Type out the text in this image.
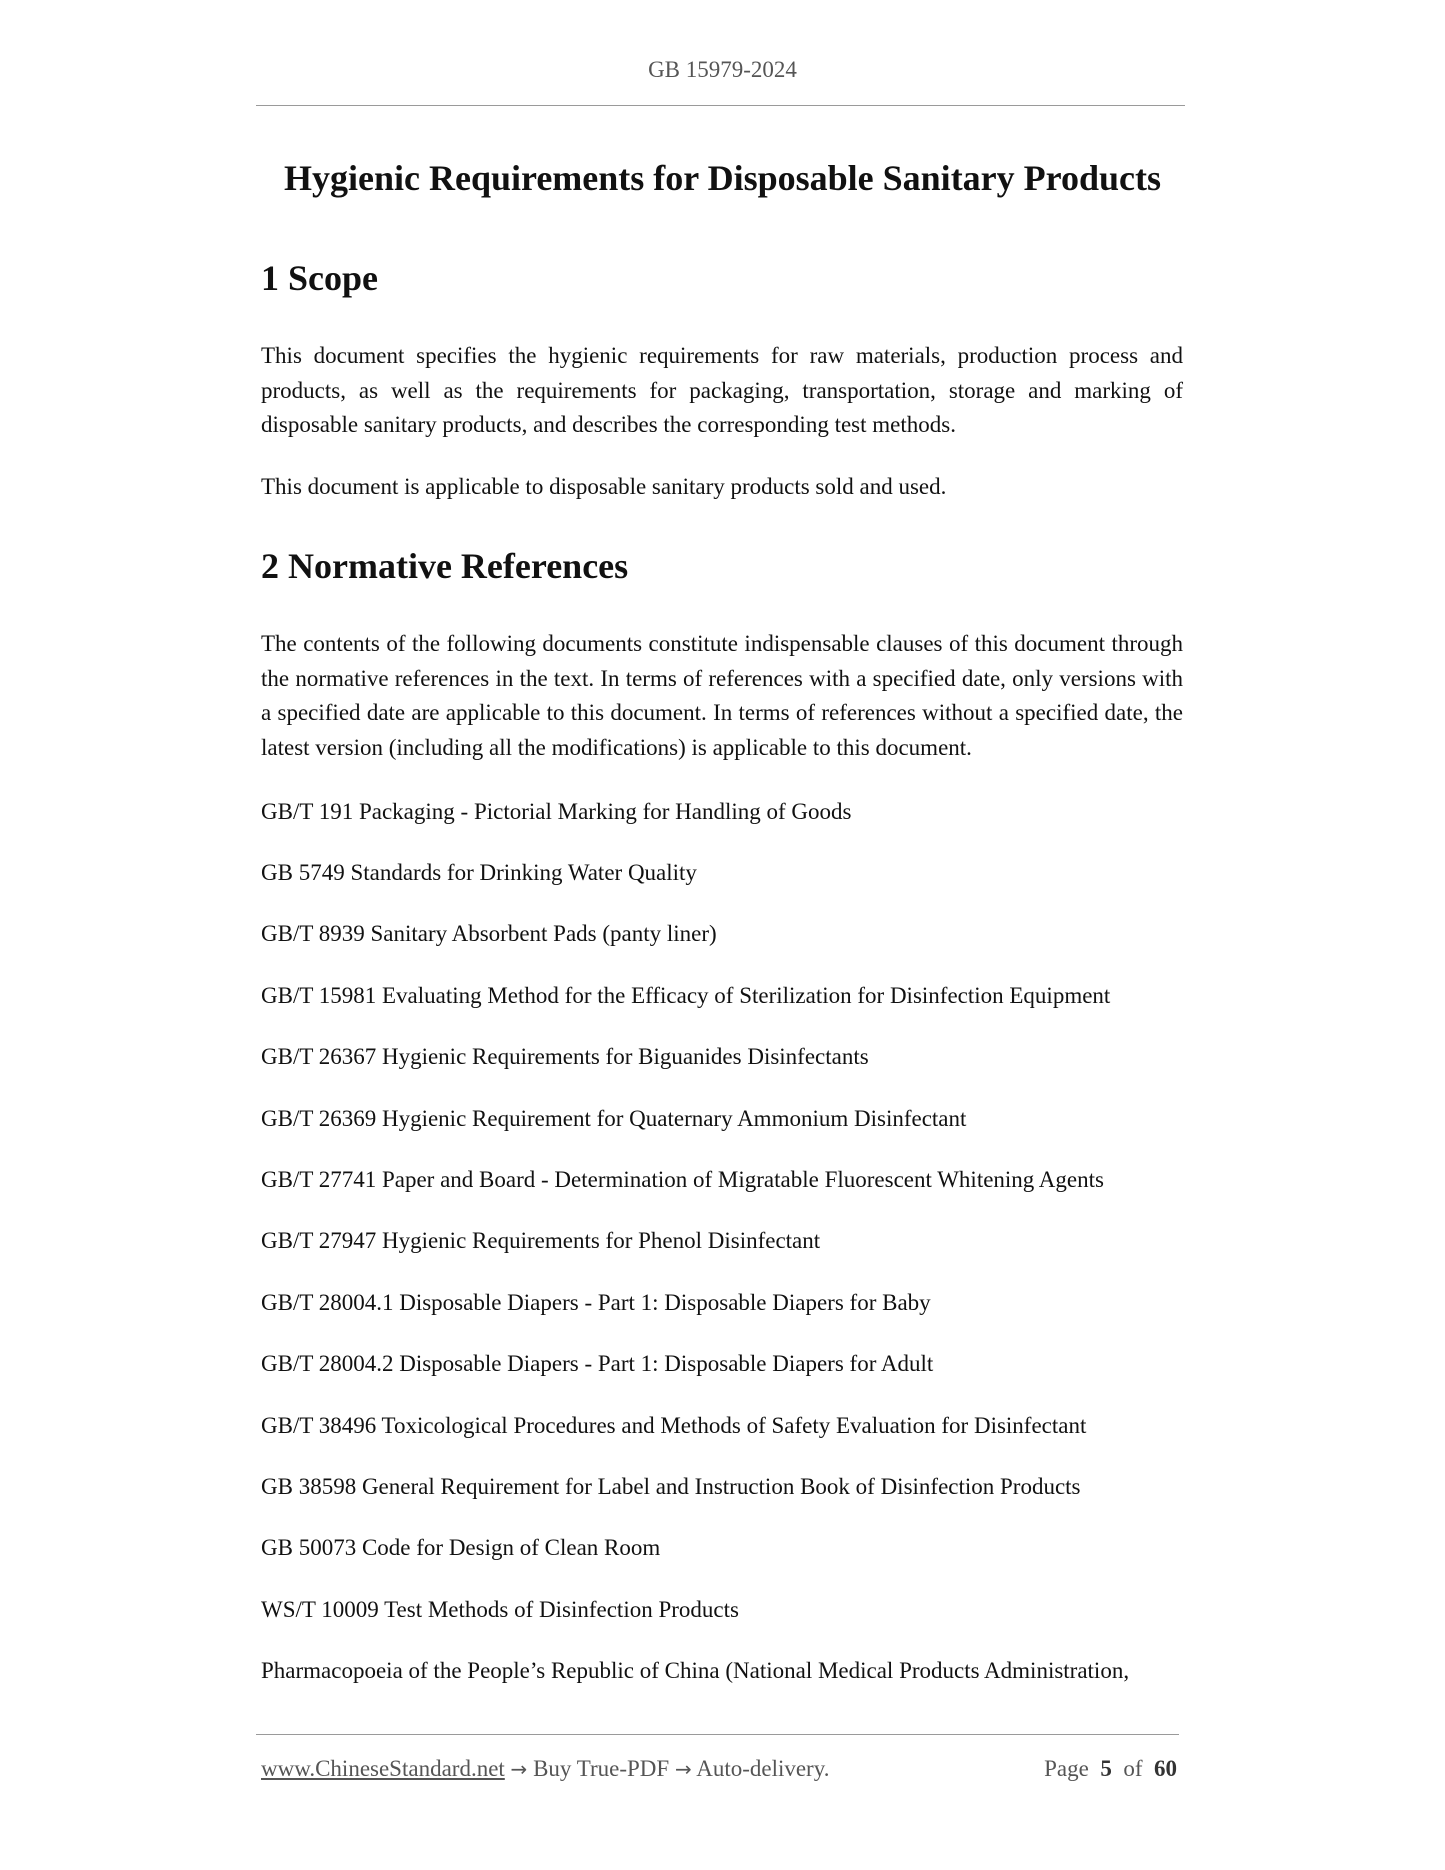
GB 15979-2024
Hygienic Requirements for Disposable Sanitary Products
1 Scope

This document specifies the hygienic requirements for raw materials, production process and products, as well as the requirements for packaging, transportation, storage and marking of disposable sanitary products, and describes the corresponding test methods.

This document is applicable to disposable sanitary products sold and used.

2 Normative References

The contents of the following documents constitute indispensable clauses of this document through the normative references in the text. In terms of references with a specified date, only versions with a specified date are applicable to this document. In terms of references without a specified date, the latest version (including all the modifications) is applicable to this document.

GB/T 191 Packaging - Pictorial Marking for Handling of Goods

GB 5749 Standards for Drinking Water Quality

GB/T 8939 Sanitary Absorbent Pads (panty liner)

GB/T 15981 Evaluating Method for the Efficacy of Sterilization for Disinfection Equipment

GB/T 26367 Hygienic Requirements for Biguanides Disinfectants

GB/T 26369 Hygienic Requirement for Quaternary Ammonium Disinfectant

GB/T 27741 Paper and Board - Determination of Migratable Fluorescent Whitening Agents

GB/T 27947 Hygienic Requirements for Phenol Disinfectant

GB/T 28004.1 Disposable Diapers - Part 1: Disposable Diapers for Baby

GB/T 28004.2 Disposable Diapers - Part 1: Disposable Diapers for Adult

GB/T 38496 Toxicological Procedures and Methods of Safety Evaluation for Disinfectant

GB 38598 General Requirement for Label and Instruction Book of Disinfection Products

GB 50073 Code for Design of Clean Room

WS/T 10009 Test Methods of Disinfection Products

Pharmacopoeia of the People’s Republic of China (National Medical Products Administration,

www.ChineseStandard.net → Buy True-PDF → Auto-delivery.	Page 5 of 60
